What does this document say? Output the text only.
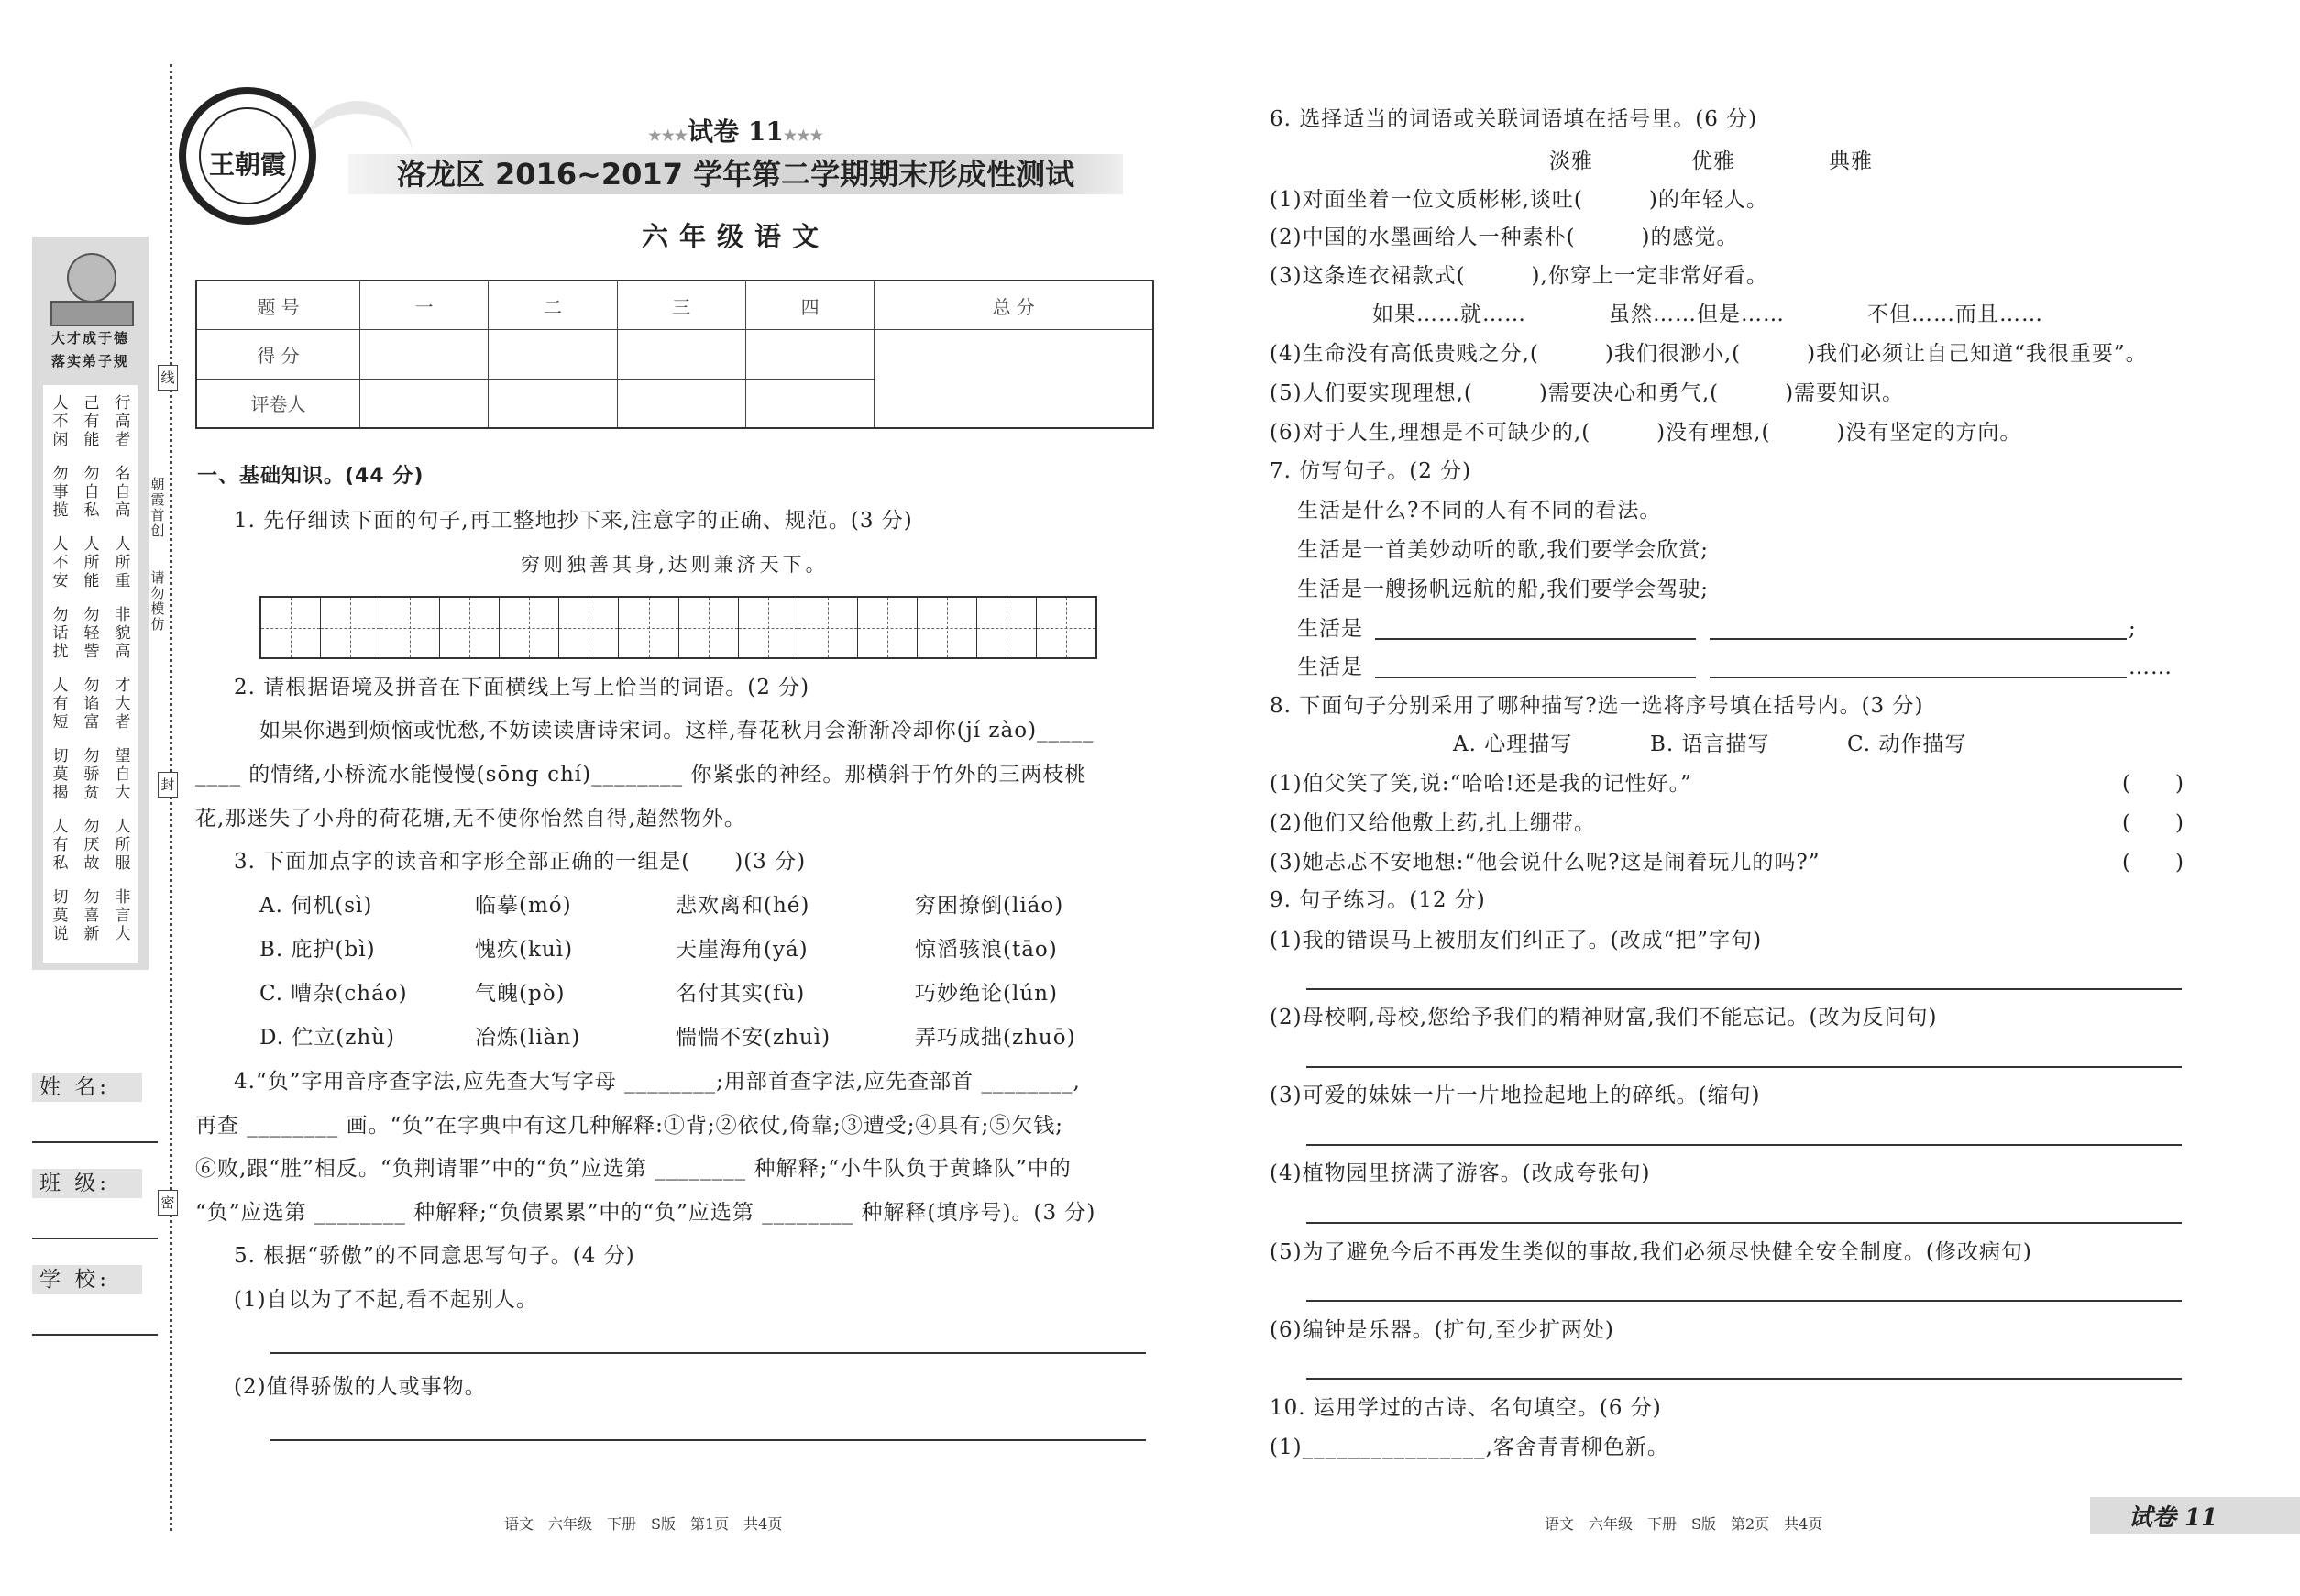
大才成于德
落实弟子规
人不闲
己有能
行高者
勿事揽
勿自私
名自高
人不安
人所能
人所重
勿话扰
勿轻訾
非貌高
人有短
勿谄富
才大者
切莫揭
勿骄贫
望自大
人有私
勿厌故
人所服
切莫说
勿喜新
非言大
姓 名:
班 级:
学 校:
线
封
密
朝霞首创
请勿模仿
王朝霞
★★★试卷 11★★★
洛龙区 2016~2017 学年第二学期期末形成性测试
六年级语文
题 号	一	二	三	四	总 分
得 分					
评卷人					
一、基础知识。(44 分)
1. 先仔细读下面的句子,再工整地抄下来,注意字的正确、规范。(3 分)
穷则独善其身,达则兼济天下。
2. 请根据语境及拼音在下面横线上写上恰当的词语。(2 分)
如果你遇到烦恼或忧愁,不妨读读唐诗宋词。这样,春花秋月会渐渐冷却你(jí zào)_____
____ 的情绪,小桥流水能慢慢(sōng chí)________ 你紧张的神经。那横斜于竹外的三两枝桃
花,那迷失了小舟的荷花塘,无不使你怡然自得,超然物外。
3. 下面加点字的读音和字形全部正确的一组是(　　)(3 分)
A. 伺机(sì)	临摹(mó)	悲欢离和(hé)	穷困撩倒(liáo)
B. 庇护(bì)	愧疚(kuì)	天崖海角(yá)	惊滔骇浪(tāo)
C. 嘈杂(cháo)	气魄(pò)	名付其实(fù)	巧妙绝论(lún)
D. 伫立(zhù)	冶炼(liàn)	惴惴不安(zhuì)	弄巧成拙(zhuō)
4.“负”字用音序查字法,应先查大写字母 ________;用部首查字法,应先查部首 ________,
再查 ________ 画。“负”在字典中有这几种解释:①背;②依仗,倚靠;③遭受;④具有;⑤欠钱;
⑥败,跟“胜”相反。“负荆请罪”中的“负”应选第 ________ 种解释;“小牛队负于黄蜂队”中的
“负”应选第 ________ 种解释;“负债累累”中的“负”应选第 ________ 种解释(填序号)。(3 分)
5. 根据“骄傲”的不同意思写句子。(4 分)
(1)自以为了不起,看不起别人。
(2)值得骄傲的人或事物。
语文　六年级　下册　S版　第1页　共4页
6. 选择适当的词语或关联词语填在括号里。(6 分)
淡雅	优雅	典雅
(1)对面坐着一位文质彬彬,谈吐(　　　)的年轻人。
(2)中国的水墨画给人一种素朴(　　　)的感觉。
(3)这条连衣裙款式(　　　),你穿上一定非常好看。
如果……就……	虽然……但是……	不但……而且……
(4)生命没有高低贵贱之分,(　　　)我们很渺小,(　　　)我们必须让自己知道“我很重要”。
(5)人们要实现理想,(　　　)需要决心和勇气,(　　　)需要知识。
(6)对于人生,理想是不可缺少的,(　　　)没有理想,(　　　)没有坚定的方向。
7. 仿写句子。(2 分)
生活是什么?不同的人有不同的看法。
生活是一首美妙动听的歌,我们要学会欣赏;
生活是一艘扬帆远航的船,我们要学会驾驶;
生活是	;
生活是	……
8. 下面句子分别采用了哪种描写?选一选将序号填在括号内。(3 分)
A. 心理描写	B. 语言描写	C. 动作描写
(1)伯父笑了笑,说:“哈哈!还是我的记性好。”	(　　)
(2)他们又给他敷上药,扎上绷带。	(　　)
(3)她忐忑不安地想:“他会说什么呢?这是闹着玩儿的吗?”	(　　)
9. 句子练习。(12 分)
(1)我的错误马上被朋友们纠正了。(改成“把”字句)
(2)母校啊,母校,您给予我们的精神财富,我们不能忘记。(改为反问句)
(3)可爱的妹妹一片一片地捡起地上的碎纸。(缩句)
(4)植物园里挤满了游客。(改成夸张句)
(5)为了避免今后不再发生类似的事故,我们必须尽快健全安全制度。(修改病句)
(6)编钟是乐器。(扩句,至少扩两处)
10. 运用学过的古诗、名句填空。(6 分)
(1)________________,客舍青青柳色新。
语文　六年级　下册　S版　第2页　共4页	试卷 11
